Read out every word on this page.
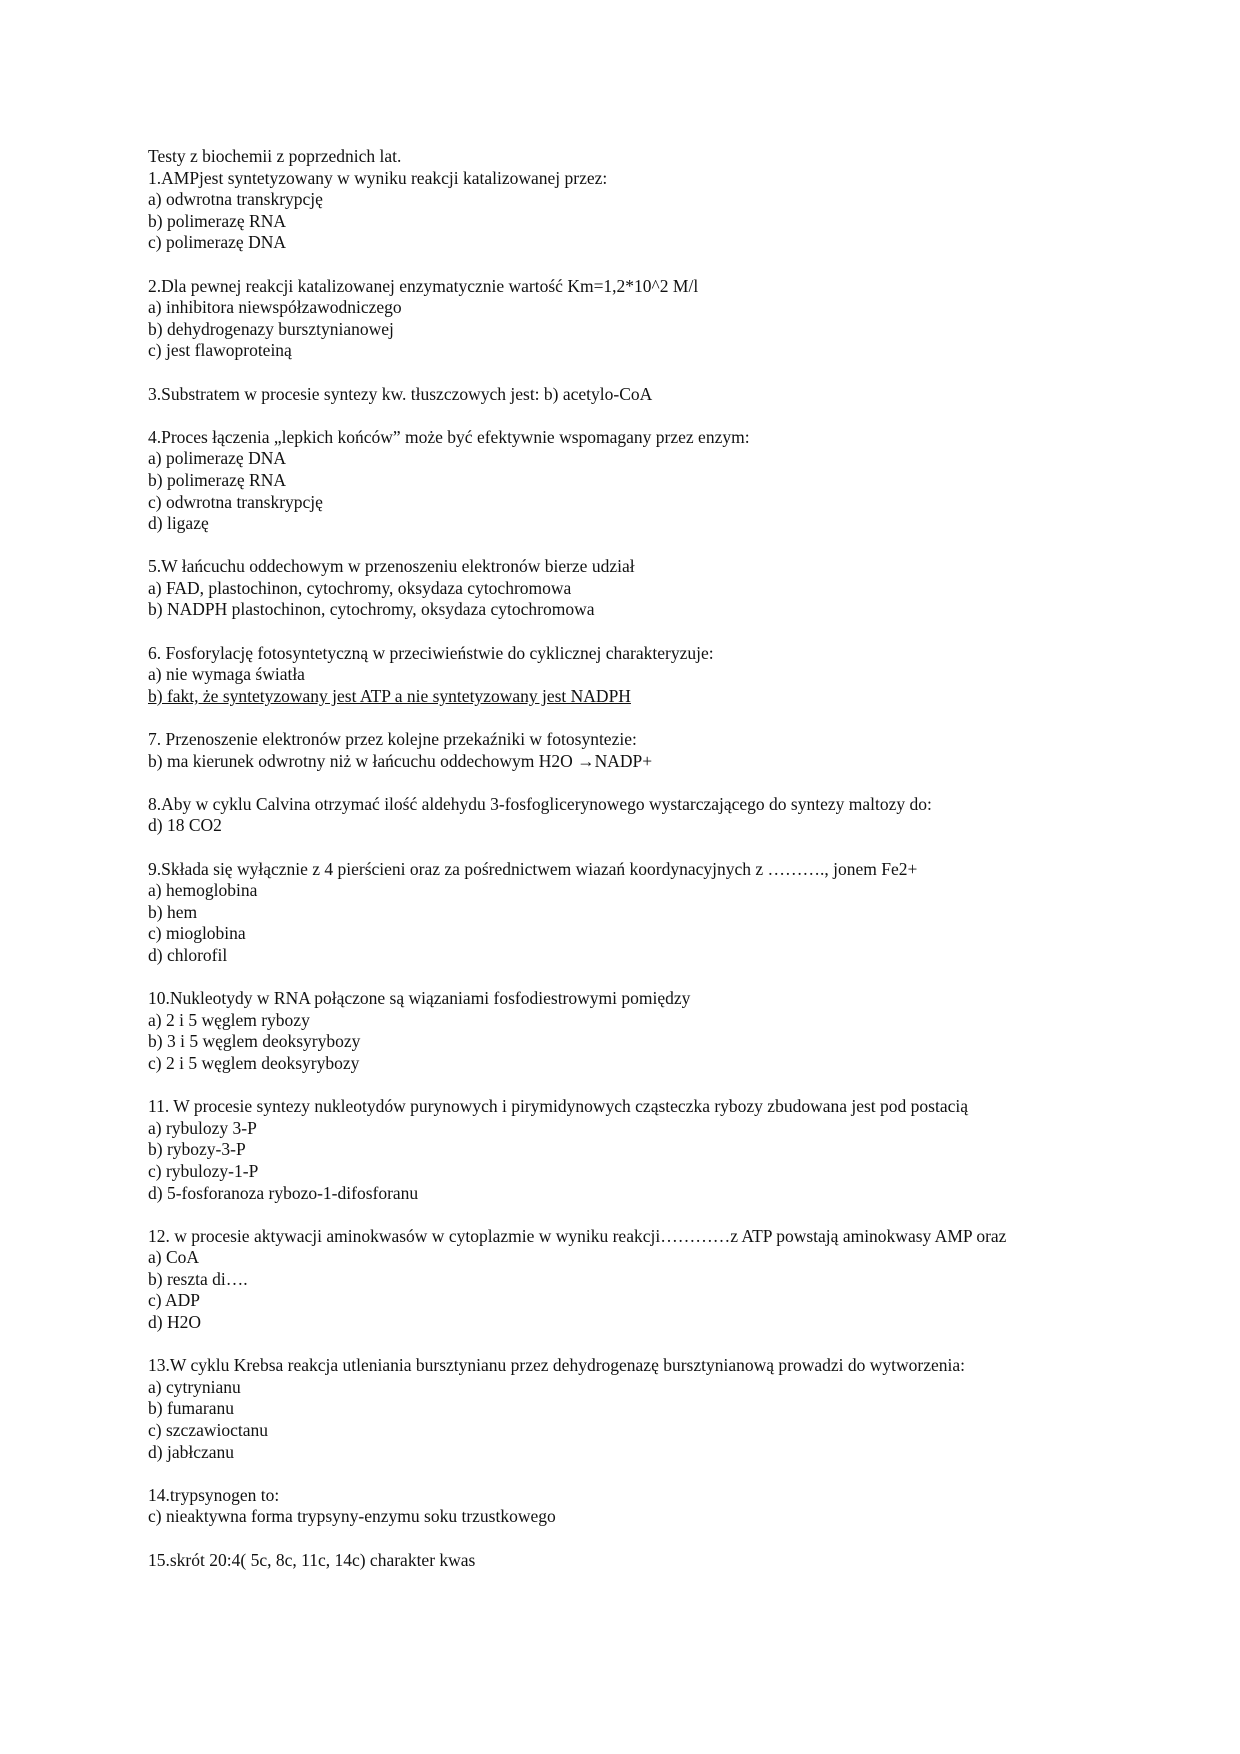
Testy z biochemii z poprzednich lat.

1.AMPjest syntetyzowany w wyniku reakcji katalizowanej przez:

a) odwrotna transkrypcję

b) polimerazę RNA

c) polimerazę DNA

2.Dla pewnej reakcji katalizowanej enzymatycznie wartość Km=1,2*10^2 M/l

a) inhibitora niewspółzawodniczego

b) dehydrogenazy bursztynianowej

c) jest flawoproteiną

3.Substratem w procesie syntezy kw. tłuszczowych jest: b) acetylo-CoA

4.Proces łączenia „lepkich końców” może być efektywnie wspomagany przez enzym:

a) polimerazę DNA

b) polimerazę RNA

c) odwrotna transkrypcję

d) ligazę

5.W łańcuchu oddechowym w przenoszeniu elektronów bierze udział

a) FAD, plastochinon, cytochromy, oksydaza cytochromowa

b) NADPH plastochinon, cytochromy, oksydaza cytochromowa

6. Fosforylację fotosyntetyczną w przeciwieństwie do cyklicznej charakteryzuje:

a) nie wymaga światła

b) fakt, że syntetyzowany jest ATP a nie syntetyzowany jest NADPH

7. Przenoszenie elektronów przez kolejne przekaźniki w fotosyntezie:

b) ma kierunek odwrotny niż w łańcuchu oddechowym H2O →NADP+

8.Aby w cyklu Calvina otrzymać ilość aldehydu 3-fosfoglicerynowego wystarczającego do syntezy maltozy do:

d) 18 CO2

9.Składa się wyłącznie z 4 pierścieni oraz za pośrednictwem wiazań koordynacyjnych z ………., jonem Fe2+

a) hemoglobina

b) hem

c) mioglobina

d) chlorofil

10.Nukleotydy w RNA połączone są wiązaniami fosfodiestrowymi pomiędzy

a) 2 i 5 węglem rybozy

b) 3 i 5 węglem deoksyrybozy

c) 2 i 5 węglem deoksyrybozy

11. W procesie syntezy nukleotydów purynowych i pirymidynowych cząsteczka rybozy zbudowana jest pod postacią

a) rybulozy 3-P

b) rybozy-3-P

c) rybulozy-1-P

d) 5-fosforanoza rybozo-1-difosforanu

12. w procesie aktywacji aminokwasów w cytoplazmie w wyniku reakcji…………z ATP powstają aminokwasy AMP oraz

a) CoA

b) reszta di….

c) ADP

d) H2O

13.W cyklu Krebsa reakcja utleniania bursztynianu przez dehydrogenazę bursztynianową prowadzi do wytworzenia:

a) cytrynianu

b) fumaranu

c) szczawioctanu

d) jabłczanu

14.trypsynogen to:

c) nieaktywna forma trypsyny-enzymu soku trzustkowego

15.skrót 20:4( 5c, 8c, 11c, 14c) charakter kwas
